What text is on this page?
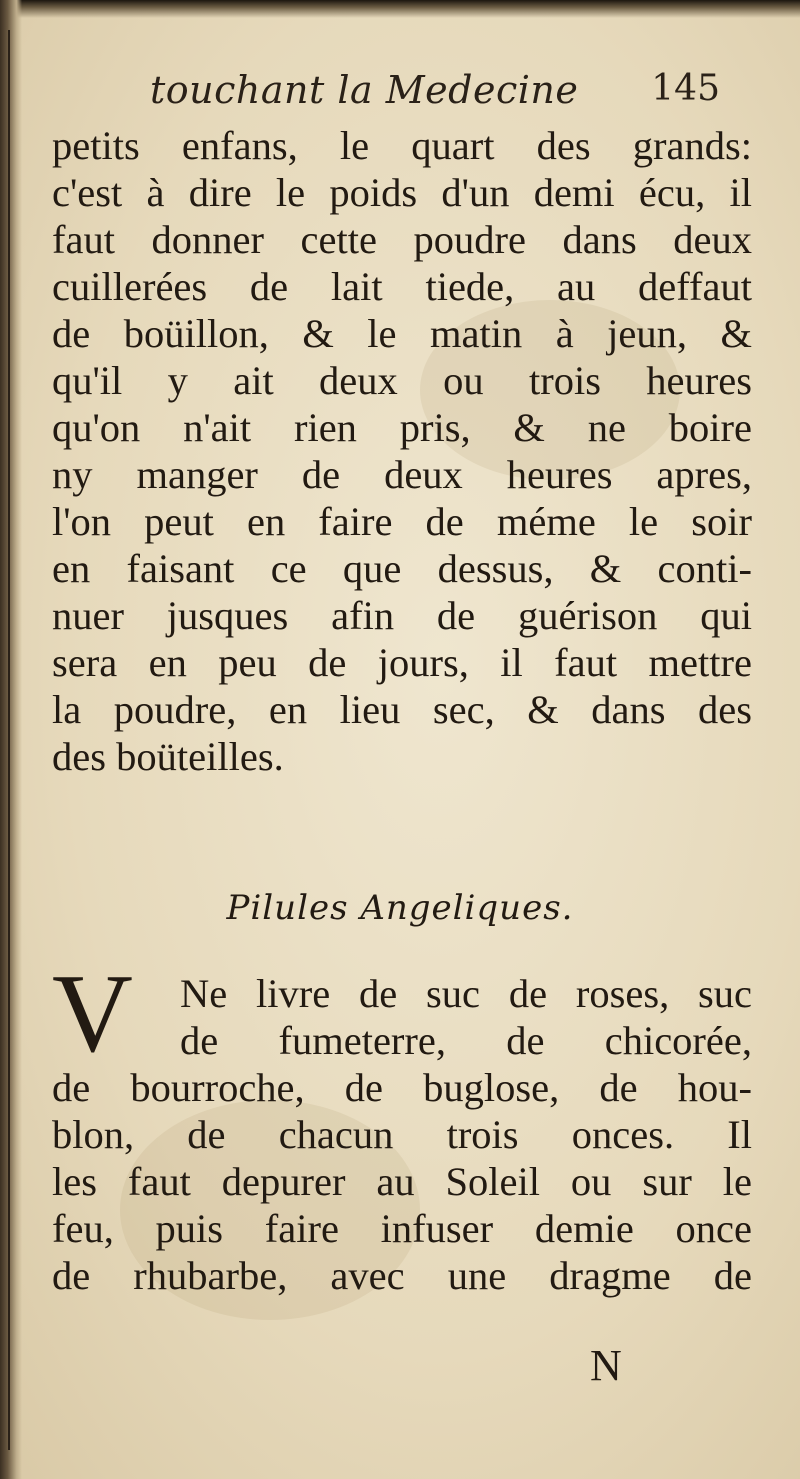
touchant la Medecine 145
petits enfans, le quart des grands:
c'est à dire le poids d'un demi écu, il
faut donner cette poudre dans deux
cuillerées de lait tiede, au deffaut
de boüillon, & le matin à jeun, &
qu'il y ait deux ou trois heures
qu'on n'ait rien pris, & ne boire
ny manger de deux heures apres,
l'on peut en faire de méme le soir
en faisant ce que dessus, & conti-
nuer jusques afin de guérison qui
sera en peu de jours, il faut mettre
la poudre, en lieu sec, & dans des
des boüteilles.
Pilules Angeliques.
V	Ne livre de suc de roses, suc
de fumeterre, de chicorée,
de bourroche, de buglose, de hou-
blon, de chacun trois onces. Il
les faut depurer au Soleil ou sur le
feu, puis faire infuser demie once
de rhubarbe, avec une dragme de
N
